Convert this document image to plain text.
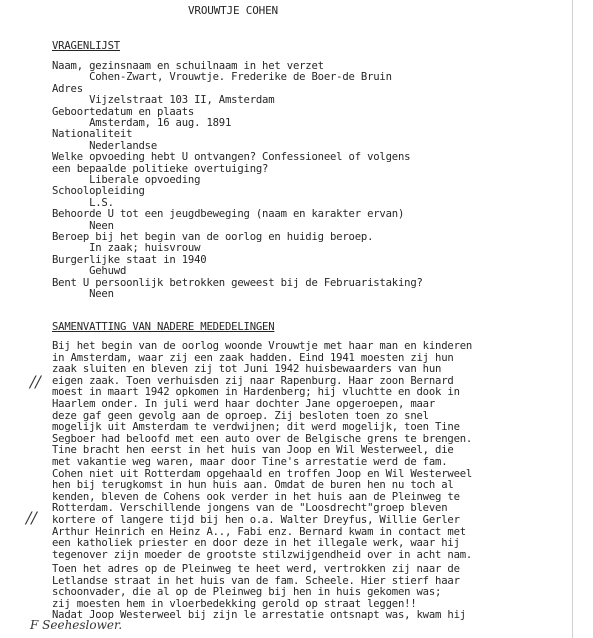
VROUWTJE COHEN
VRAGENLIJST
Naam, gezinsnaam en schuilnaam in het verzet
Cohen-Zwart, Vrouwtje. Frederike de Boer-de Bruin
Adres
Vijzelstraat 103 II, Amsterdam
Geboortedatum en plaats
Amsterdam, 16 aug. 1891
Nationaliteit
Nederlandse
Welke opvoeding hebt U ontvangen? Confessioneel of volgens
een bepaalde politieke overtuiging?
Liberale opvoeding
Schoolopleiding
L.S.
Behoorde U tot een jeugdbeweging (naam en karakter ervan)
Neen
Beroep bij het begin van de oorlog en huidig beroep.
In zaak; huisvrouw
Burgerlijke staat in 1940
Gehuwd
Bent U persoonlijk betrokken geweest bij de Februaristaking?
Neen
SAMENVATTING VAN NADERE MEDEDELINGEN
Bij het begin van de oorlog woonde Vrouwtje met haar man en kinderen
in Amsterdam, waar zij een zaak hadden. Eind 1941 moesten zij hun
zaak sluiten en bleven zij tot Juni 1942 huisbewaarders van hun
eigen zaak. Toen verhuisden zij naar Rapenburg. Haar zoon Bernard
moest in maart 1942 opkomen in Hardenberg; hij vluchtte en dook in
Haarlem onder. In juli werd haar dochter Jane opgeroepen, maar
deze gaf geen gevolg aan de oproep. Zij besloten toen zo snel
mogelijk uit Amsterdam te verdwijnen; dit werd mogelijk, toen Tine
Segboer had beloofd met een auto over de Belgische grens te brengen.
Tine bracht hen eerst in het huis van Joop en Wil Westerweel, die
met vakantie weg waren, maar door Tine's arrestatie werd de fam.
Cohen niet uit Rotterdam opgehaald en troffen Joop en Wil Westerweel
hen bij terugkomst in hun huis aan. Omdat de buren hen nu toch al
kenden, bleven de Cohens ook verder in het huis aan de Pleinweg te
Rotterdam. Verschillende jongens van de "Loosdrecht"groep bleven
kortere of langere tijd bij hen o.a. Walter Dreyfus, Willie Gerler
Arthur Heinrich en Heinz A.., Fabi enz. Bernard kwam in contact met
een katholiek priester en door deze in het illegale werk, waar hij
tegenover zijn moeder de grootste stilzwijgendheid over in acht nam.
Toen het adres op de Pleinweg te heet werd, vertrokken zij naar de
Letlandse straat in het huis van de fam. Scheele. Hier stierf haar
schoonvader, die al op de Pleinweg bij hen in huis gekomen was;
zij moesten hem in vloerbedekking gerold op straat leggen!!
Nadat Joop Westerweel bij zijn le arrestatie ontsnapt was, kwam hij
//
//
F Seeheslower.
